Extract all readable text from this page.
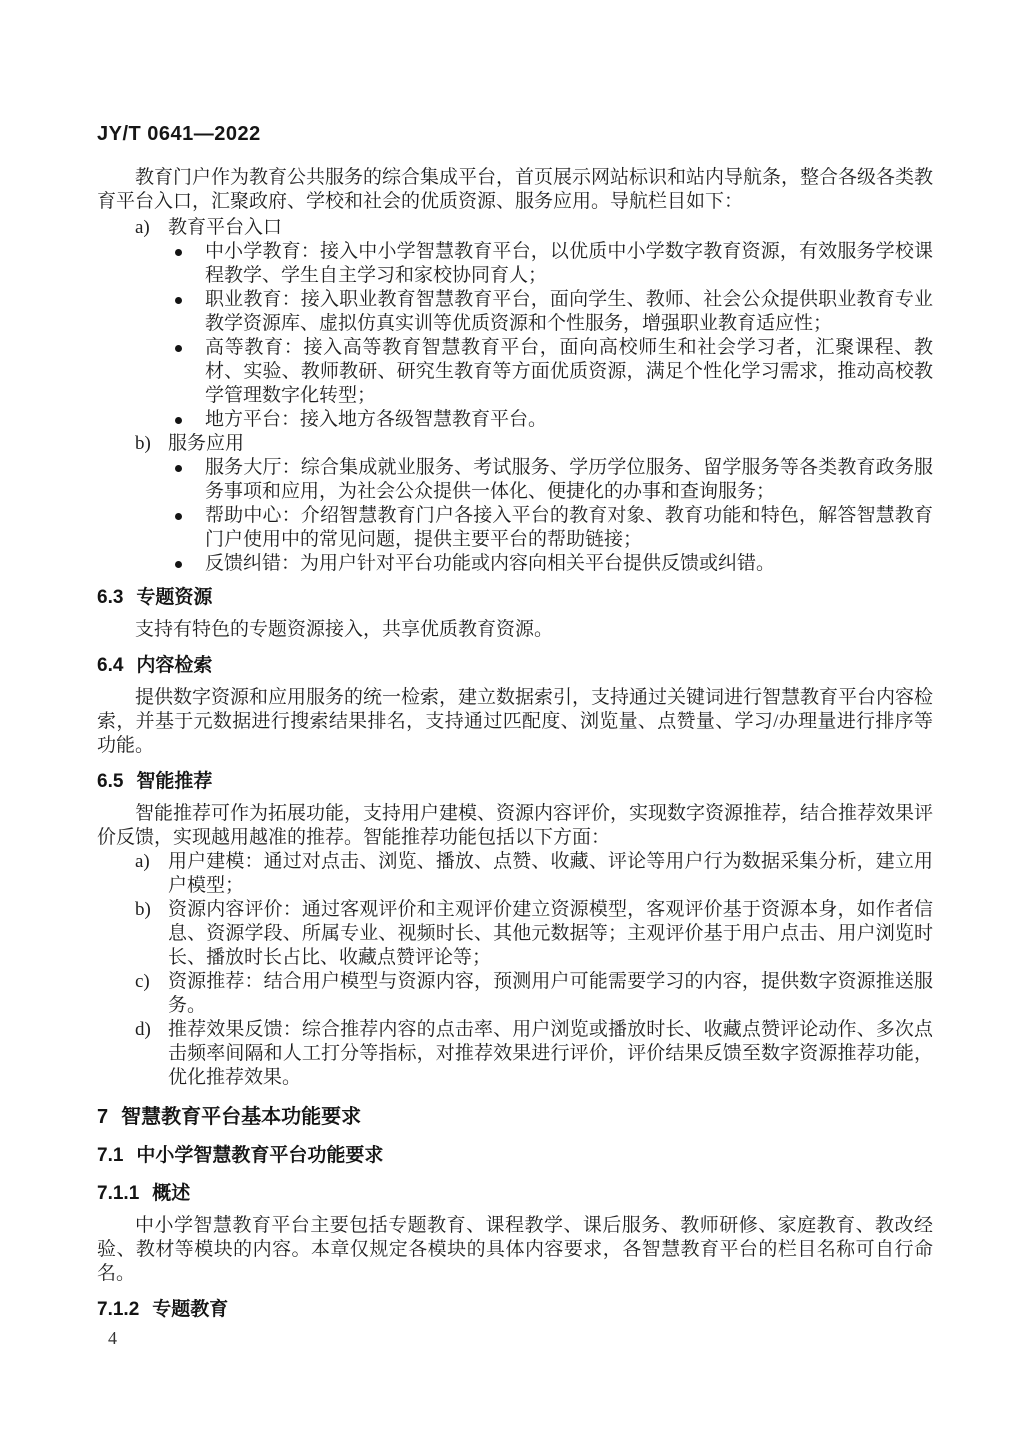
JY/T 0641—2022

教育门户作为教育公共服务的综合集成平台，首页展示网站标识和站内导航条，整合各级各类教育平台入口，汇聚政府、学校和社会的优质资源、服务应用。导航栏目如下：

a) 教育平台入口
中小学教育：接入中小学智慧教育平台，以优质中小学数字教育资源，有效服务学校课程教学、学生自主学习和家校协同育人；
职业教育：接入职业教育智慧教育平台，面向学生、教师、社会公众提供职业教育专业教学资源库、虚拟仿真实训等优质资源和个性服务，增强职业教育适应性；
高等教育：接入高等教育智慧教育平台，面向高校师生和社会学习者，汇聚课程、教材、实验、教师教研、研究生教育等方面优质资源，满足个性化学习需求，推动高校教学管理数字化转型；
地方平台：接入地方各级智慧教育平台。
b) 服务应用
服务大厅：综合集成就业服务、考试服务、学历学位服务、留学服务等各类教育政务服务事项和应用，为社会公众提供一体化、便捷化的办事和查询服务；
帮助中心：介绍智慧教育门户各接入平台的教育对象、教育功能和特色，解答智慧教育门户使用中的常见问题，提供主要平台的帮助链接；
反馈纠错：为用户针对平台功能或内容向相关平台提供反馈或纠错。
6.3 专题资源

支持有特色的专题资源接入，共享优质教育资源。

6.4 内容检索

提供数字资源和应用服务的统一检索，建立数据索引，支持通过关键词进行智慧教育平台内容检索，并基于元数据进行搜索结果排名，支持通过匹配度、浏览量、点赞量、学习/办理量进行排序等功能。

6.5 智能推荐

智能推荐可作为拓展功能，支持用户建模、资源内容评价，实现数字资源推荐，结合推荐效果评价反馈，实现越用越准的推荐。智能推荐功能包括以下方面：

a) 用户建模：通过对点击、浏览、播放、点赞、收藏、评论等用户行为数据采集分析，建立用户模型；
b) 资源内容评价：通过客观评价和主观评价建立资源模型，客观评价基于资源本身，如作者信息、资源学段、所属专业、视频时长、其他元数据等；主观评价基于用户点击、用户浏览时长、播放时长占比、收藏点赞评论等；
c) 资源推荐：结合用户模型与资源内容，预测用户可能需要学习的内容，提供数字资源推送服务。
d) 推荐效果反馈：综合推荐内容的点击率、用户浏览或播放时长、收藏点赞评论动作、多次点击频率间隔和人工打分等指标，对推荐效果进行评价，评价结果反馈至数字资源推荐功能，优化推荐效果。
7 智慧教育平台基本功能要求
7.1 中小学智慧教育平台功能要求
7.1.1 概述

中小学智慧教育平台主要包括专题教育、课程教学、课后服务、教师研修、家庭教育、教改经验、教材等模块的内容。本章仅规定各模块的具体内容要求，各智慧教育平台的栏目名称可自行命名。

7.1.2 专题教育
4
